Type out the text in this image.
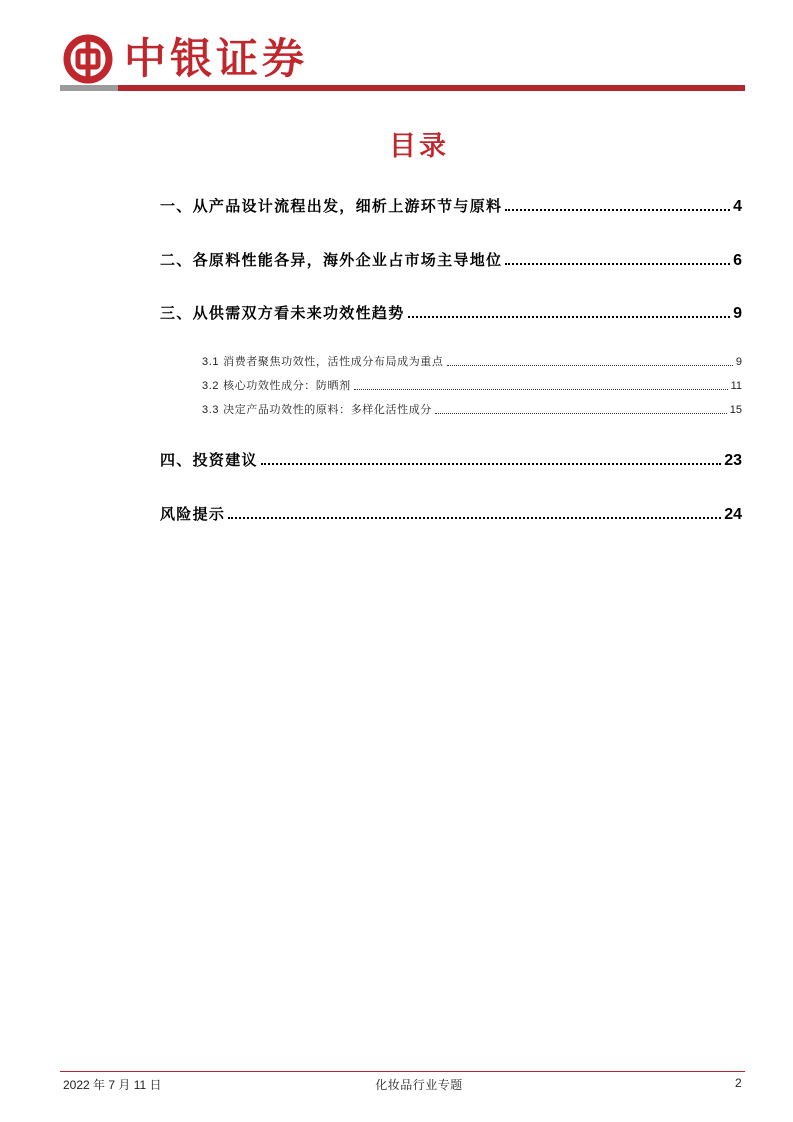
中银证券
目录
一、从产品设计流程出发，细析上游环节与原料	4
二、各原料性能各异，海外企业占市场主导地位	6
三、从供需双方看未来功效性趋势	9
3.1 消费者聚焦功效性，活性成分布局成为重点	9
3.2 核心功效性成分：防晒剂	11
3.3 决定产品功效性的原料：多样化活性成分	15
四、投资建议	23
风险提示	24
2022 年 7 月 11 日	化妆品行业专题	2
